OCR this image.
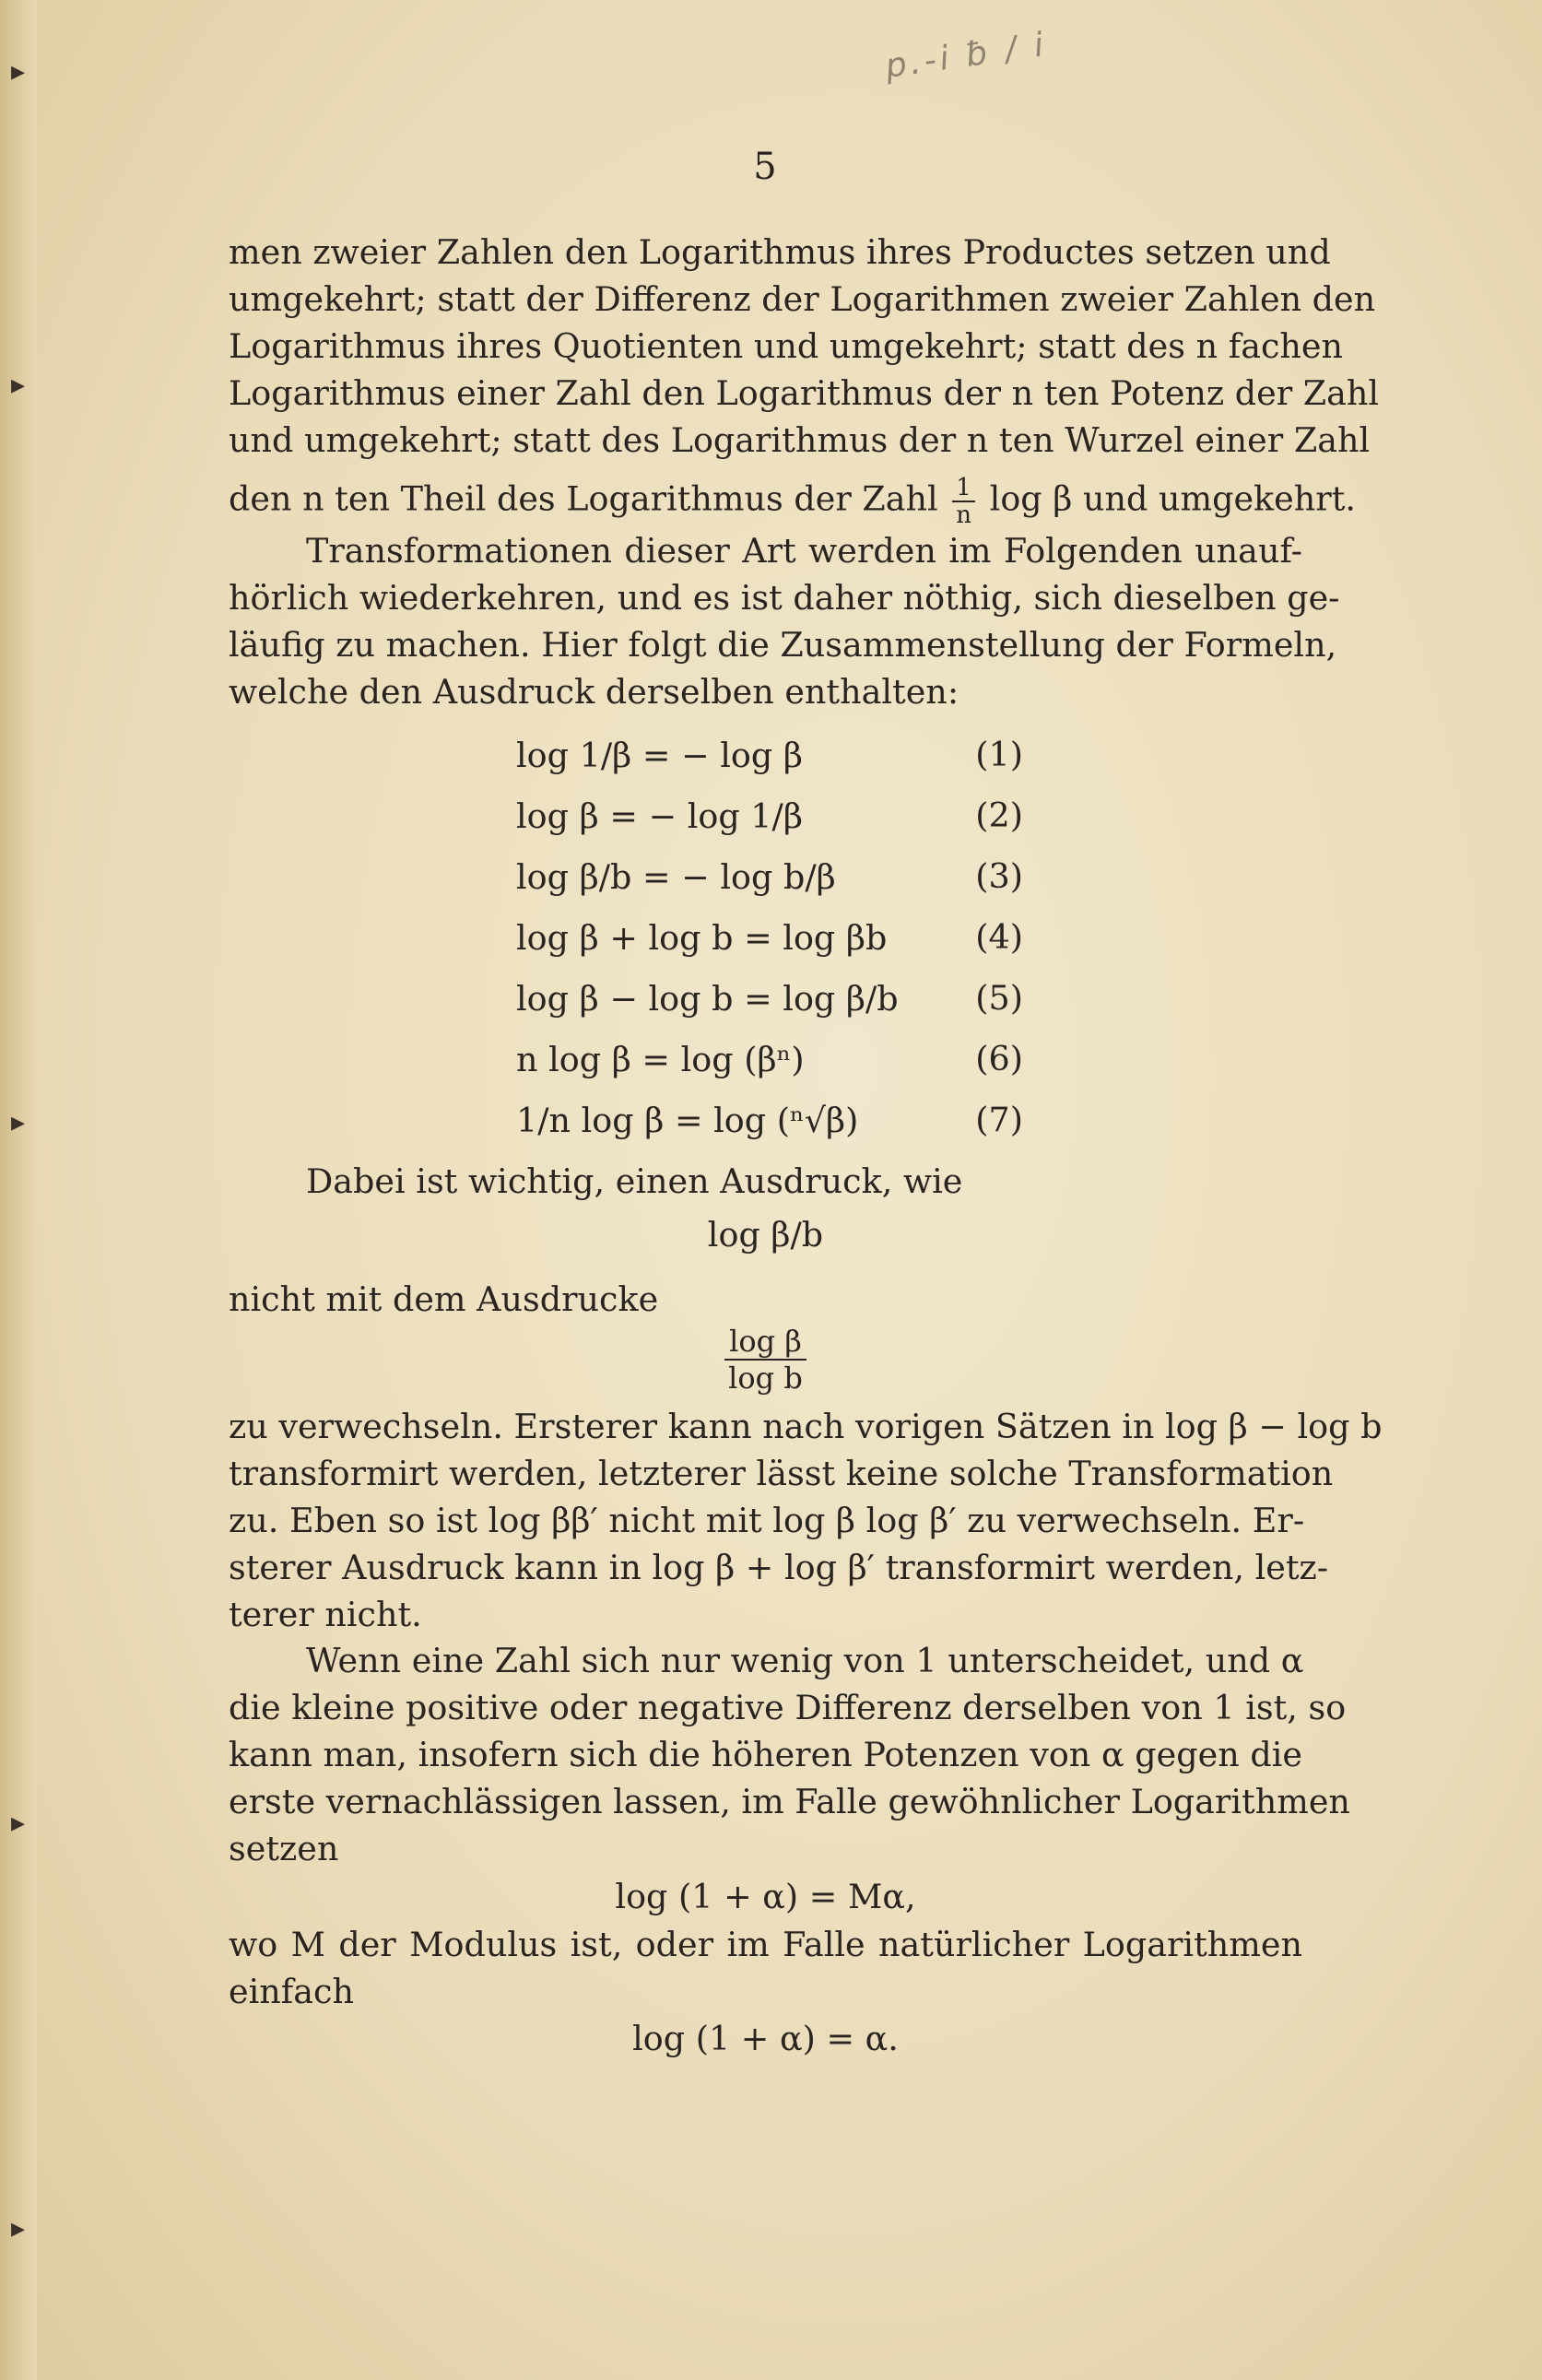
p.-i ƀ / i
5
men zweier Zahlen den Logarithmus ihres Productes setzen und
umgekehrt; statt der Differenz der Logarithmen zweier Zahlen den
Logarithmus ihres Quotienten und umgekehrt; statt des n fachen
Logarithmus einer Zahl den Logarithmus der n ten Potenz der Zahl
und umgekehrt; statt des Logarithmus der n ten Wurzel einer Zahl
den n ten Theil des Logarithmus der Zahl $\frac{1}{n}$ log β und umgekehrt.
Transformationen dieser Art werden im Folgenden unauf-
hörlich wiederkehren, und es ist daher nöthig, sich dieselben ge-
läufig zu machen. Hier folgt die Zusammenstellung der Formeln,
welche den Ausdruck derselben enthalten:
log 1/β = − log β	(1)
log β = − log 1/β	(2)
log β/b = − log b/β	(3)
log β + log b = log βb	(4)
log β − log b = log β/b (5)
n log β = log (βⁿ)	(6)
1/n log β = log (ⁿ√β)	(7)
Dabei ist wichtig, einen Ausdruck, wie
log β/b
nicht mit dem Ausdrucke
$\frac{\text{log β}}{\text{log b}}$
zu verwechseln. Ersterer kann nach vorigen Sätzen in log β − log b
transformirt werden, letzterer lässt keine solche Transformation
zu. Eben so ist log ββ′ nicht mit log β log β′ zu verwechseln. Er-
sterer Ausdruck kann in log β + log β′ transformirt werden, letz-
terer nicht.
Wenn eine Zahl sich nur wenig von 1 unterscheidet, und α
die kleine positive oder negative Differenz derselben von 1 ist, so
kann man, insofern sich die höheren Potenzen von α gegen die
erste vernachlässigen lassen, im Falle gewöhnlicher Logarithmen
setzen
log (1 + α) = Mα,
wo M der Modulus ist, oder im Falle natürlicher Logarithmen
einfach
log (1 + α) = α.
▸
▸
▸
▸
▸
